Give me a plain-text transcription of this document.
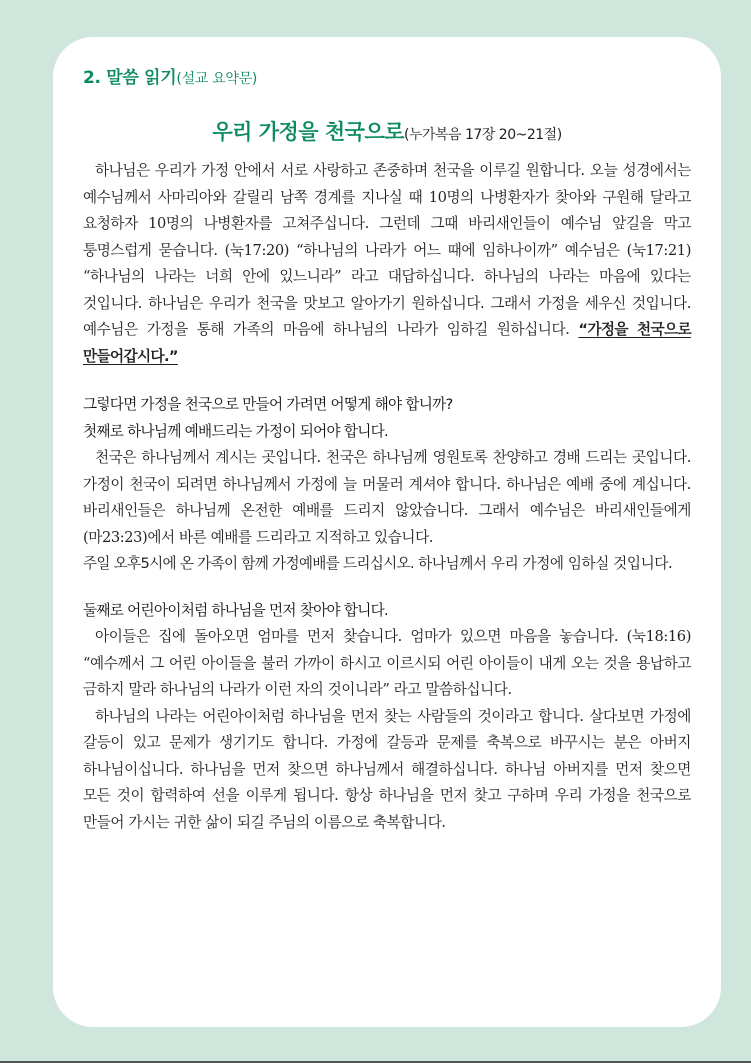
2. 말씀 읽기(설교 요약문)
우리 가정을 천국으로(누가복음 17장 20~21절)

하나님은 우리가 가정 안에서 서로 사랑하고 존중하며 천국을 이루길 원합니다. 오늘 성경에서는 예수님께서 사마리아와 갈릴리 남쪽 경계를 지나실 때 10명의 나병환자가 찾아와 구원해 달라고 요청하자 10명의 나병환자를 고쳐주십니다. 그런데 그때 바리새인들이 예수님 앞길을 막고 퉁명스럽게 묻습니다. (눅17:20) “하나님의 나라가 어느 때에 임하나이까” 예수님은 (눅17:21) “하나님의 나라는 너희 안에 있느니라” 라고 대답하십니다. 하나님의 나라는 마음에 있다는 것입니다. 하나님은 우리가 천국을 맛보고 알아가기 원하십니다. 그래서 가정을 세우신 것입니다. 예수님은 가정을 통해 가족의 마음에 하나님의 나라가 임하길 원하십니다. “가정을 천국으로 만들어갑시다.”

그렇다면 가정을 천국으로 만들어 가려면 어떻게 해야 합니까?

첫째로 하나님께 예배드리는 가정이 되어야 합니다.

천국은 하나님께서 계시는 곳입니다. 천국은 하나님께 영원토록 찬양하고 경배 드리는 곳입니다. 가정이 천국이 되려면 하나님께서 가정에 늘 머물러 계셔야 합니다. 하나님은 예배 중에 계십니다. 바리새인들은 하나님께 온전한 예배를 드리지 않았습니다. 그래서 예수님은 바리새인들에게 (마23:23)에서 바른 예배를 드리라고 지적하고 있습니다.

주일 오후5시에 온 가족이 함께 가정예배를 드리십시오. 하나님께서 우리 가정에 임하실 것입니다.

둘째로 어린아이처럼 하나님을 먼저 찾아야 합니다.

아이들은 집에 돌아오면 엄마를 먼저 찾습니다. 엄마가 있으면 마음을 놓습니다. (눅18:16) “예수께서 그 어린 아이들을 불러 가까이 하시고 이르시되 어린 아이들이 내게 오는 것을 용납하고 금하지 말라 하나님의 나라가 이런 자의 것이니라” 라고 말씀하십니다.

하나님의 나라는 어린아이처럼 하나님을 먼저 찾는 사람들의 것이라고 합니다. 살다보면 가정에 갈등이 있고 문제가 생기기도 합니다. 가정에 갈등과 문제를 축복으로 바꾸시는 분은 아버지 하나님이십니다. 하나님을 먼저 찾으면 하나님께서 해결하십니다. 하나님 아버지를 먼저 찾으면 모든 것이 합력하여 선을 이루게 됩니다. 항상 하나님을 먼저 찾고 구하며 우리 가정을 천국으로 만들어 가시는 귀한 삶이 되길 주님의 이름으로 축복합니다.
